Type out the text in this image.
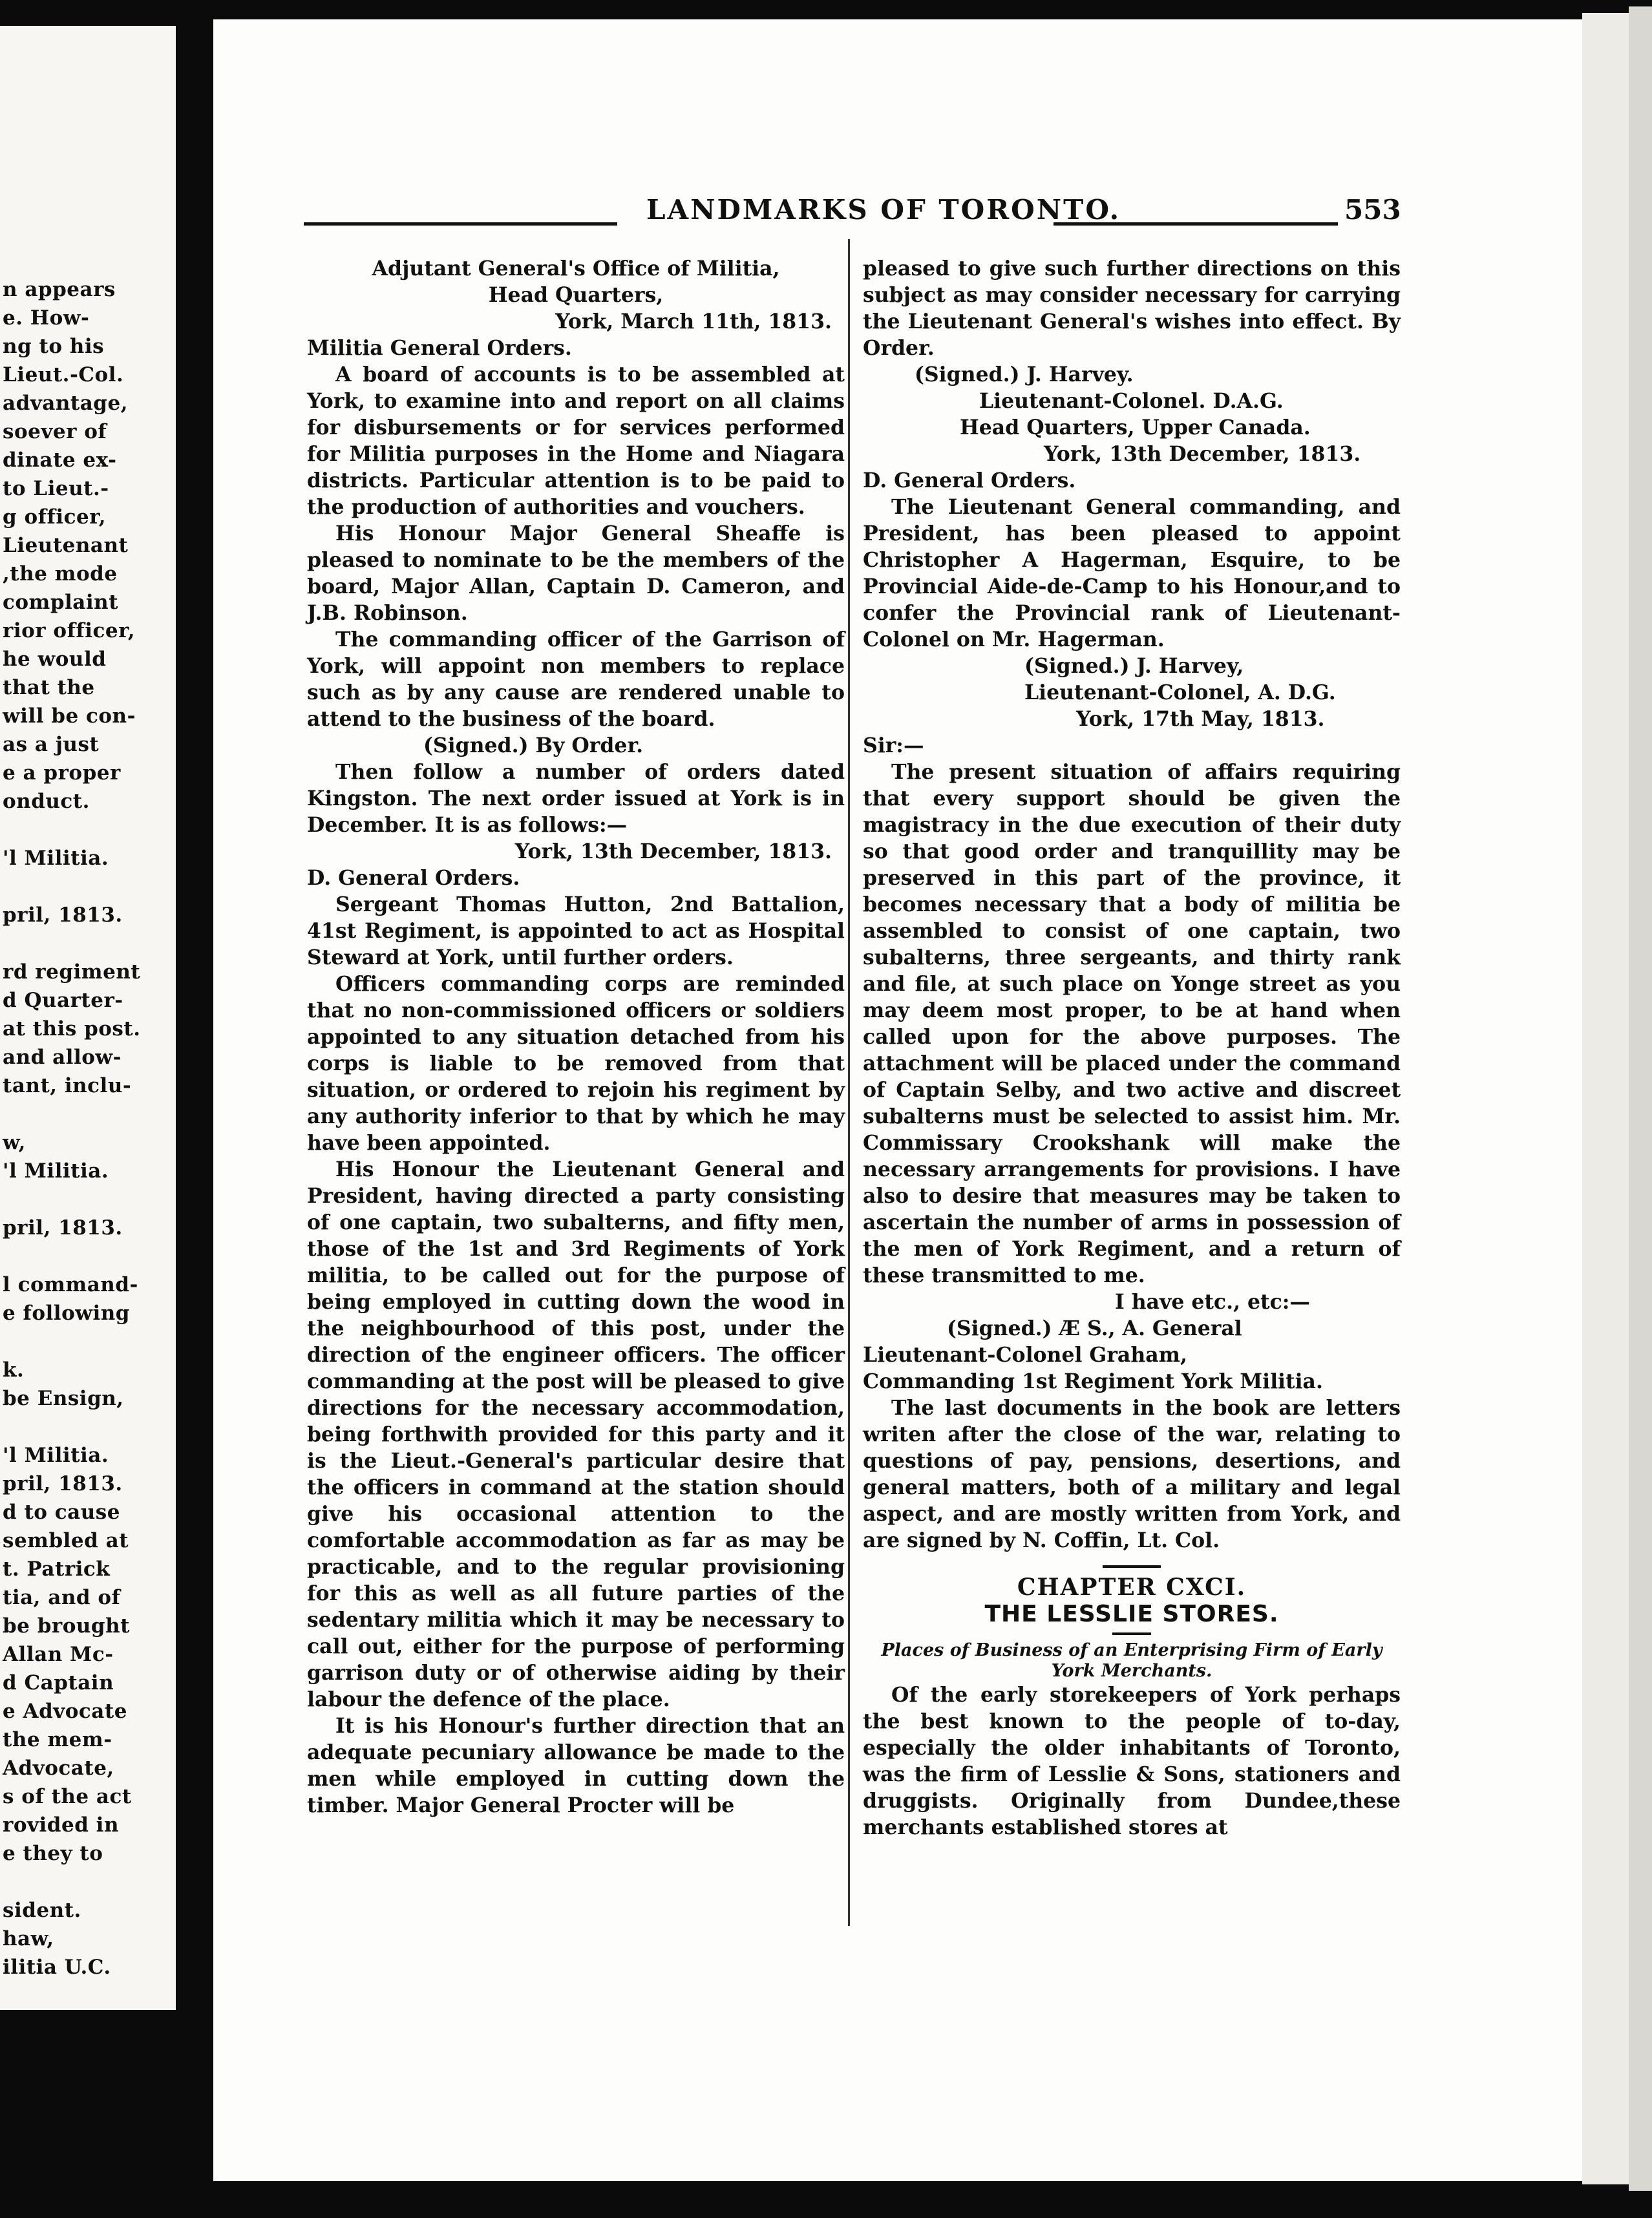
n appears
e. How-
ng to his
Lieut.-Col.
advantage,
soever of
dinate ex-
to Lieut.-
g officer,
Lieutenant
,the mode
complaint
rior officer,
he would
that the
will be con-
as a just
e a proper
onduct.
'l Militia.
pril, 1813.
rd regiment
d Quarter-
at this post.
and allow-
tant, inclu-
w,
'l Militia.
pril, 1813.
l command-
e following
k.
be Ensign,
'l Militia.
pril, 1813.
d to cause
sembled at
t. Patrick
tia, and of
be brought
Allan Mc-
d Captain
e Advocate
the mem-
Advocate,
s of the act
rovided in
e they to
sident.
haw,
ilitia U.C.
LANDMARKS OF TORONTO.	553

Adjutant General's Office of Militia,

Head Quarters,

York, March 11th, 1813.

Militia General Orders.

A board of accounts is to be assembled at York, to examine into and report on all claims for disbursements or for services performed for Militia purposes in the Home and Niagara districts. Particular attention is to be paid to the production of authorities and vouchers.

His Honour Major General Sheaffe is pleased to nominate to be the members of the board, Major Allan, Captain D. Cameron, and J.B. Robinson.

The commanding officer of the Garrison of York, will appoint non members to replace such as by any cause are rendered unable to attend to the business of the board.

(Signed.) By Order.

Then follow a number of orders dated Kingston. The next order issued at York is in December. It is as follows:—

York, 13th December, 1813.

D. General Orders.

Sergeant Thomas Hutton, 2nd Battalion, 41st Regiment, is appointed to act as Hospital Steward at York, until further orders.

Officers commanding corps are reminded that no non-commissioned officers or soldiers appointed to any situation detached from his corps is liable to be removed from that situation, or ordered to rejoin his regiment by any authority inferior to that by which he may have been appointed.

His Honour the Lieutenant General and President, having directed a party consisting of one captain, two subalterns, and fifty men, those of the 1st and 3rd Regiments of York militia, to be called out for the purpose of being employed in cutting down the wood in the neighbourhood of this post, under the direction of the engineer officers. The officer commanding at the post will be pleased to give directions for the necessary accommodation, being forthwith provided for this party and it is the Lieut.-General's particular desire that the officers in command at the station should give his occasional attention to the comfortable accommodation as far as may be practicable, and to the regular provisioning for this as well as all future parties of the sedentary militia which it may be necessary to call out, either for the purpose of performing garrison duty or of otherwise aiding by their labour the defence of the place.

It is his Honour's further direction that an adequate pecuniary allowance be made to the men while employed in cutting down the timber. Major General Procter will be

pleased to give such further directions on this subject as may consider necessary for carrying the Lieutenant General's wishes into effect. By Order.

(Signed.) J. Harvey.

Lieutenant-Colonel. D.A.G.

Head Quarters, Upper Canada.

York, 13th December, 1813.

D. General Orders.

The Lieutenant General commanding, and President, has been pleased to appoint Christopher A Hagerman, Esquire, to be Provincial Aide-de-Camp to his Honour,and to confer the Provincial rank of Lieutenant-Colonel on Mr. Hagerman.

(Signed.) J. Harvey,

Lieutenant-Colonel, A. D.G.

York, 17th May, 1813.

Sir:—

The present situation of affairs requiring that every support should be given the magistracy in the due execution of their duty so that good order and tranquillity may be preserved in this part of the province, it becomes necessary that a body of militia be assembled to consist of one captain, two subalterns, three sergeants, and thirty rank and file, at such place on Yonge street as you may deem most proper, to be at hand when called upon for the above purposes. The attachment will be placed under the command of Captain Selby, and two active and discreet subalterns must be selected to assist him. Mr. Commissary Crookshank will make the necessary arrangements for provisions. I have also to desire that measures may be taken to ascertain the number of arms in possession of the men of York Regiment, and a return of these transmitted to me.

I have etc., etc:—

(Signed.) Æ S., A. General

Lieutenant-Colonel Graham,

Commanding 1st Regiment York Militia.

The last documents in the book are letters writen after the close of the war, relating to questions of pay, pensions, desertions, and general matters, both of a military and legal aspect, and are mostly written from York, and are signed by N. Coffin, Lt. Col.

CHAPTER CXCI.

THE LESSLIE STORES.

Places of Business of an Enterprising Firm of Early York Merchants.

Of the early storekeepers of York perhaps the best known to the people of to-day, especially the older inhabitants of Toronto, was the firm of Lesslie & Sons, stationers and druggists. Originally from Dundee,these merchants established stores at
